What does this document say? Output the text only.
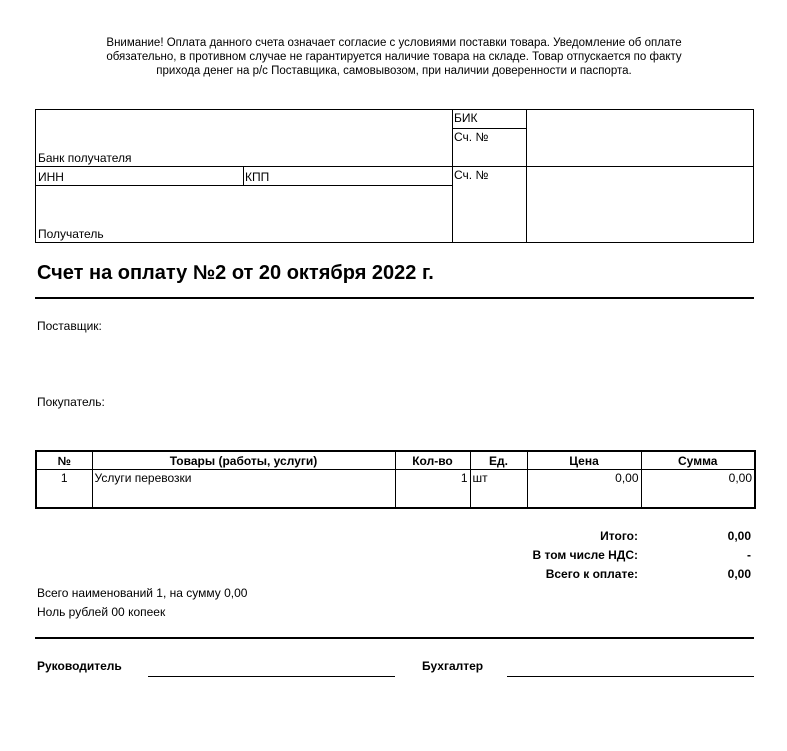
Внимание! Оплата данного счета означает согласие с условиями поставки товара. Уведомление об оплате
обязательно, в противном случае не гарантируется наличие товара на складе. Товар отпускается по факту
прихода денег на р/с Поставщика, самовывозом, при наличии доверенности и паспорта.
БИК
Сч. №
Банк получателя
ИНН	КПП	Сч. №
Получатель
Счет на оплату №2 от 20 октября 2022 г.
Поставщик:
Покупатель:
№	Товары (работы, услуги)	Кол-во	Ед.	Цена	Сумма
1	Услуги перевозки	1	шт	0,00	0,00
Итого:	0,00
В том числе НДС:	-
Всего к оплате:	0,00
Всего наименований 1, на сумму 0,00
Ноль рублей 00 копеек
Руководитель	Бухгалтер
